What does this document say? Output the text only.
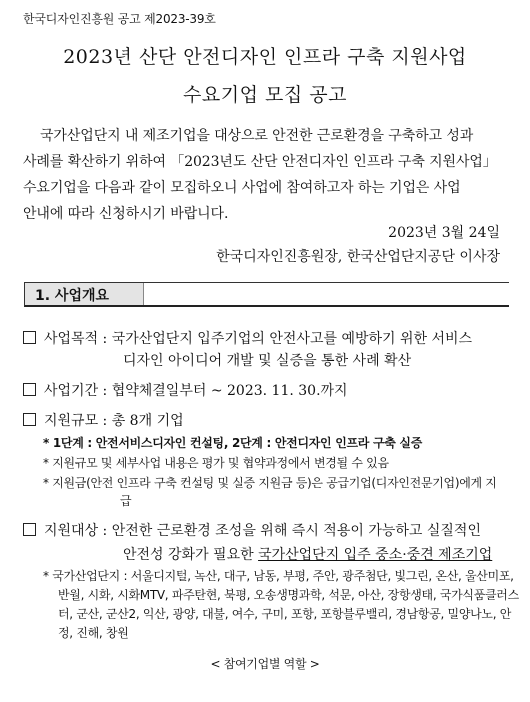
한국디자인진흥원 공고 제2023-39호
2023년 산단 안전디자인 인프라 구축 지원사업
수요기업 모집 공고
국가산업단지 내 제조기업을 대상으로 안전한 근로환경을 구축하고 성과
사례를 확산하기 위하여 「2023년도 산단 안전디자인 인프라 구축 지원사업」
수요기업을 다음과 같이 모집하오니 사업에 참여하고자 하는 기업은 사업
안내에 따라 신청하시기 바랍니다.
2023년 3월 24일
한국디자인진흥원장, 한국산업단지공단 이사장
1. 사업개요
사업목적 : 국가산업단지 입주기업의 안전사고를 예방하기 위한 서비스
디자인 아이디어 개발 및 실증을 통한 사례 확산
사업기간 : 협약체결일부터 ~ 2023. 11. 30.까지
지원규모 : 총 8개 기업
* 1단계 : 안전서비스디자인 컨설팅, 2단계 : 안전디자인 인프라 구축 실증
* 지원규모 및 세부사업 내용은 평가 및 협약과정에서 변경될 수 있음
* 지원금(안전 인프라 구축 컨설팅 및 실증 지원금 등)은 공급기업(디자인전문기업)에게 지
급
지원대상 : 안전한 근로환경 조성을 위해 즉시 적용이 가능하고 실질적인
안전성 강화가 필요한 국가산업단지 입주 중소·중견 제조기업
* 국가산업단지 : 서울디지털, 녹산, 대구, 남동, 부평, 주안, 광주첨단, 빛그린, 온산, 울산미포,
반월, 시화, 시화MTV, 파주탄현, 북평, 오송생명과학, 석문, 아산, 장항생태, 국가식품클러스
터, 군산, 군산2, 익산, 광양, 대불, 여수, 구미, 포항, 포항블루밸리, 경남항공, 밀양나노, 안
정, 진해, 창원
< 참여기업별 역할 >
